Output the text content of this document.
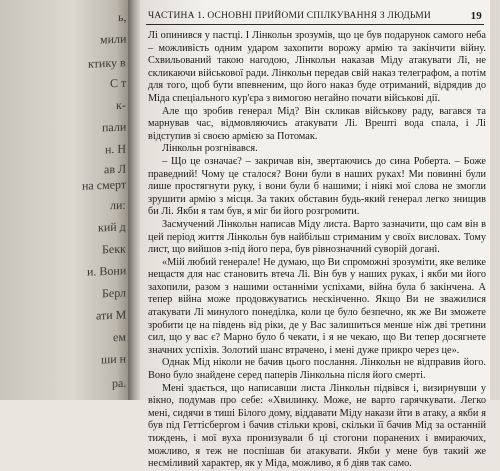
ь,
мили
ктику в
С т
к-
пали
н. Н
ав Л
на смерт
ли:
кий д
Бекк
и. Вони
Берл
ати М
ем
ши н
ра.
ЧАСТИНА 1. ОСНОВНІ ПРИЙОМИ СПІЛКУВАННЯ З ЛЮДЬМИ	19

Лі опинився у пастці. І Лінкольн зрозумів, що це був подарунок самого неба – можливість одним ударом захопити ворожу армію та закінчити війну. Схвильований такою нагодою, Лінкольн наказав Міду атакувати Лі, не скликаючи військової ради. Лінкольн передав свій наказ телеграфом, а потім для того, щоб бути впевненим, що його наказ буде отриманий, відрядив до Міда спеціального кур'єра з вимогою негайно почати військові дії.

Але що зробив генерал Мід? Він скликав військову раду, вагався та марнував час, відмовляючись атакувати Лі. Врешті вода спала, і Лі відступив зі своєю армією за Потомак.

Лінкольн розгнівався.

– Що це означає? – закричав він, звертаючись до сина Роберта. – Боже праведний! Чому це сталося? Вони були в наших руках! Ми повинні були лише простягнути руку, і вони були б нашими; і ніякі мої слова не змогли зрушити армію з місця. За таких обставин будь-який генерал легко знищив би Лі. Якби я там був, я міг би його розгромити.

Засмучений Лінкольн написав Міду листа. Варто зазначити, що сам він в цей період життя Лінкольн був найбільш стриманим у своїх висловах. Тому лист, що вийшов з-під його пера, був рівнозначний суворій догані.

«Мій любий генерале! Не думаю, що Ви спроможні зрозуміти, яке велике нещастя для нас становить втеча Лі. Він був у наших руках, і якби ми його захопили, разом з нашими останніми успіхами, війна була б закінчена. А тепер війна може продовжуватись нескінченно. Якщо Ви не зважилися атакувати Лі минулого понеділка, коли це було безпечно, як же Ви зможете зробити це на південь від ріки, де у Вас залишиться менше ніж дві третини сил, що у вас є? Марно було б чекати, і я не чекаю, що Ви тепер досягнете значних успіхів. Золотий шанс втрачено, і мені дуже прикро через це».

Однак Мід ніколи не бачив цього послання. Лінкольн не відправив його. Воно було знайдене серед паперів Лінкольна після його смерті.

Мені здається, що написавши листа Лінкольн підвівся і, визирнувши у вікно, подумав про себе: «Хвилинку. Може, не варто гарячкувати. Легко мені, сидячи в тиші Білого дому, віддавати Міду накази йти в атаку, а якби я був під Геттісбергом і бачив стільки крові, скільки її бачив Мід за останній тиждень, і мої вуха пронизували б ці стогони поранених і вмираючих, можливо, я теж не поспішав би атакувати. Якби у мене був такий же несміливий характер, як у Міда, можливо, я б діяв так само.
